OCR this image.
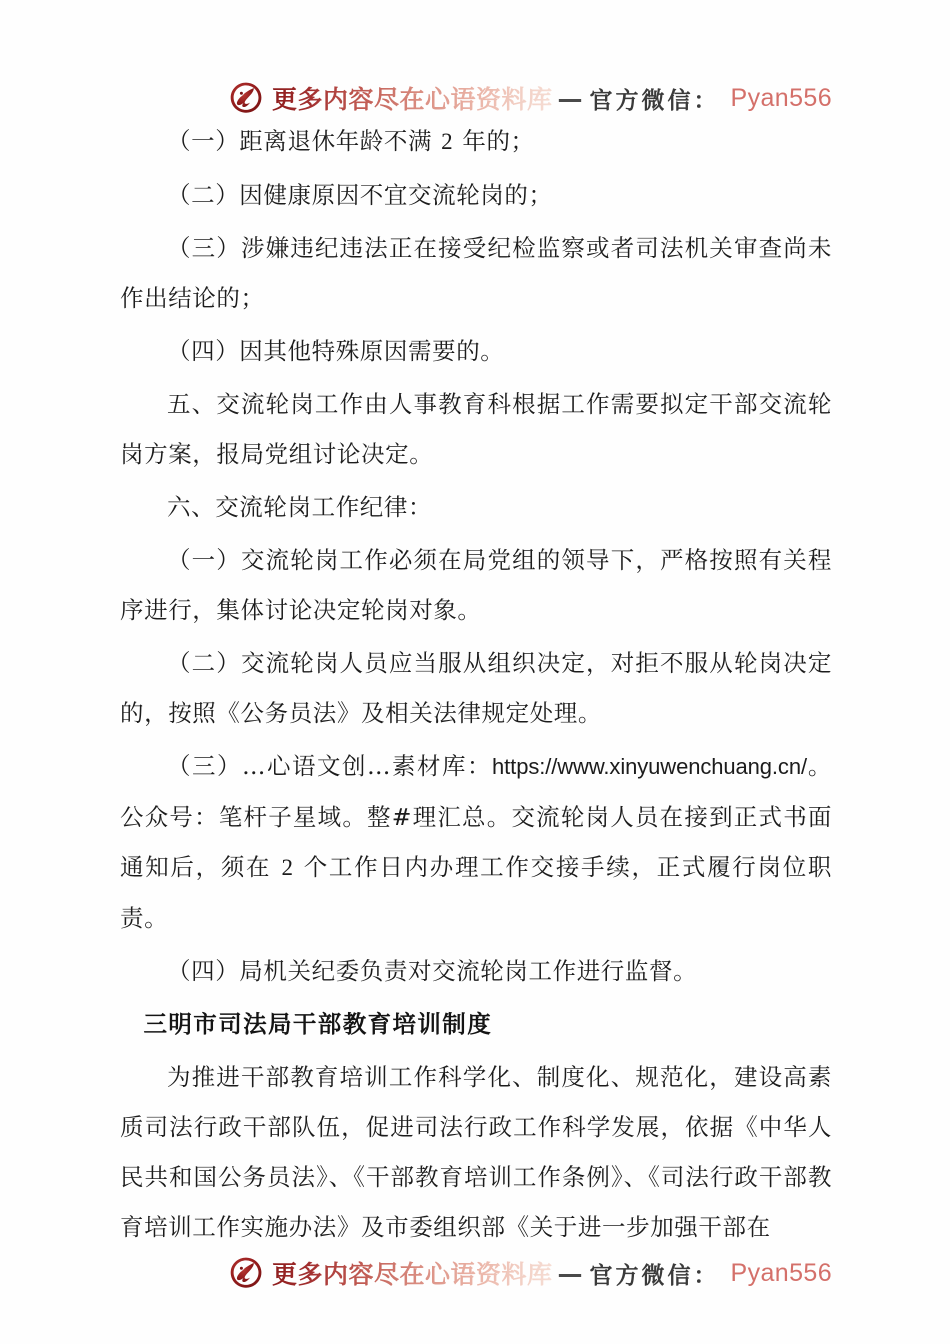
更多内容尽在心语资料库 — 官方微信： Pyan556

（一）距离退休年龄不满 2 年的；

（二）因健康原因不宜交流轮岗的；

（三）涉嫌违纪违法正在接受纪检监察或者司法机关审查尚未作出结论的；

（四）因其他特殊原因需要的。

五、交流轮岗工作由人事教育科根据工作需要拟定干部交流轮岗方案，报局党组讨论决定。

六、交流轮岗工作纪律：

（一）交流轮岗工作必须在局党组的领导下，严格按照有关程序进行，集体讨论决定轮岗对象。

（二）交流轮岗人员应当服从组织决定，对拒不服从轮岗决定的，按照《公务员法》及相关法律规定处理。

（三）…心语文创…素材库：https://www.xinyuwenchuang.cn/。公众号：笔杆子星域。整#理汇总。交流轮岗人员在接到正式书面通知后，须在 2 个工作日内办理工作交接手续，正式履行岗位职责。

（四）局机关纪委负责对交流轮岗工作进行监督。

三明市司法局干部教育培训制度

为推进干部教育培训工作科学化、制度化、规范化，建设高素质司法行政干部队伍，促进司法行政工作科学发展，依据《中华人民共和国公务员法》、《干部教育培训工作条例》、《司法行政干部教育培训工作实施办法》及市委组织部《关于进一步加强干部在

更多内容尽在心语资料库 — 官方微信： Pyan556
